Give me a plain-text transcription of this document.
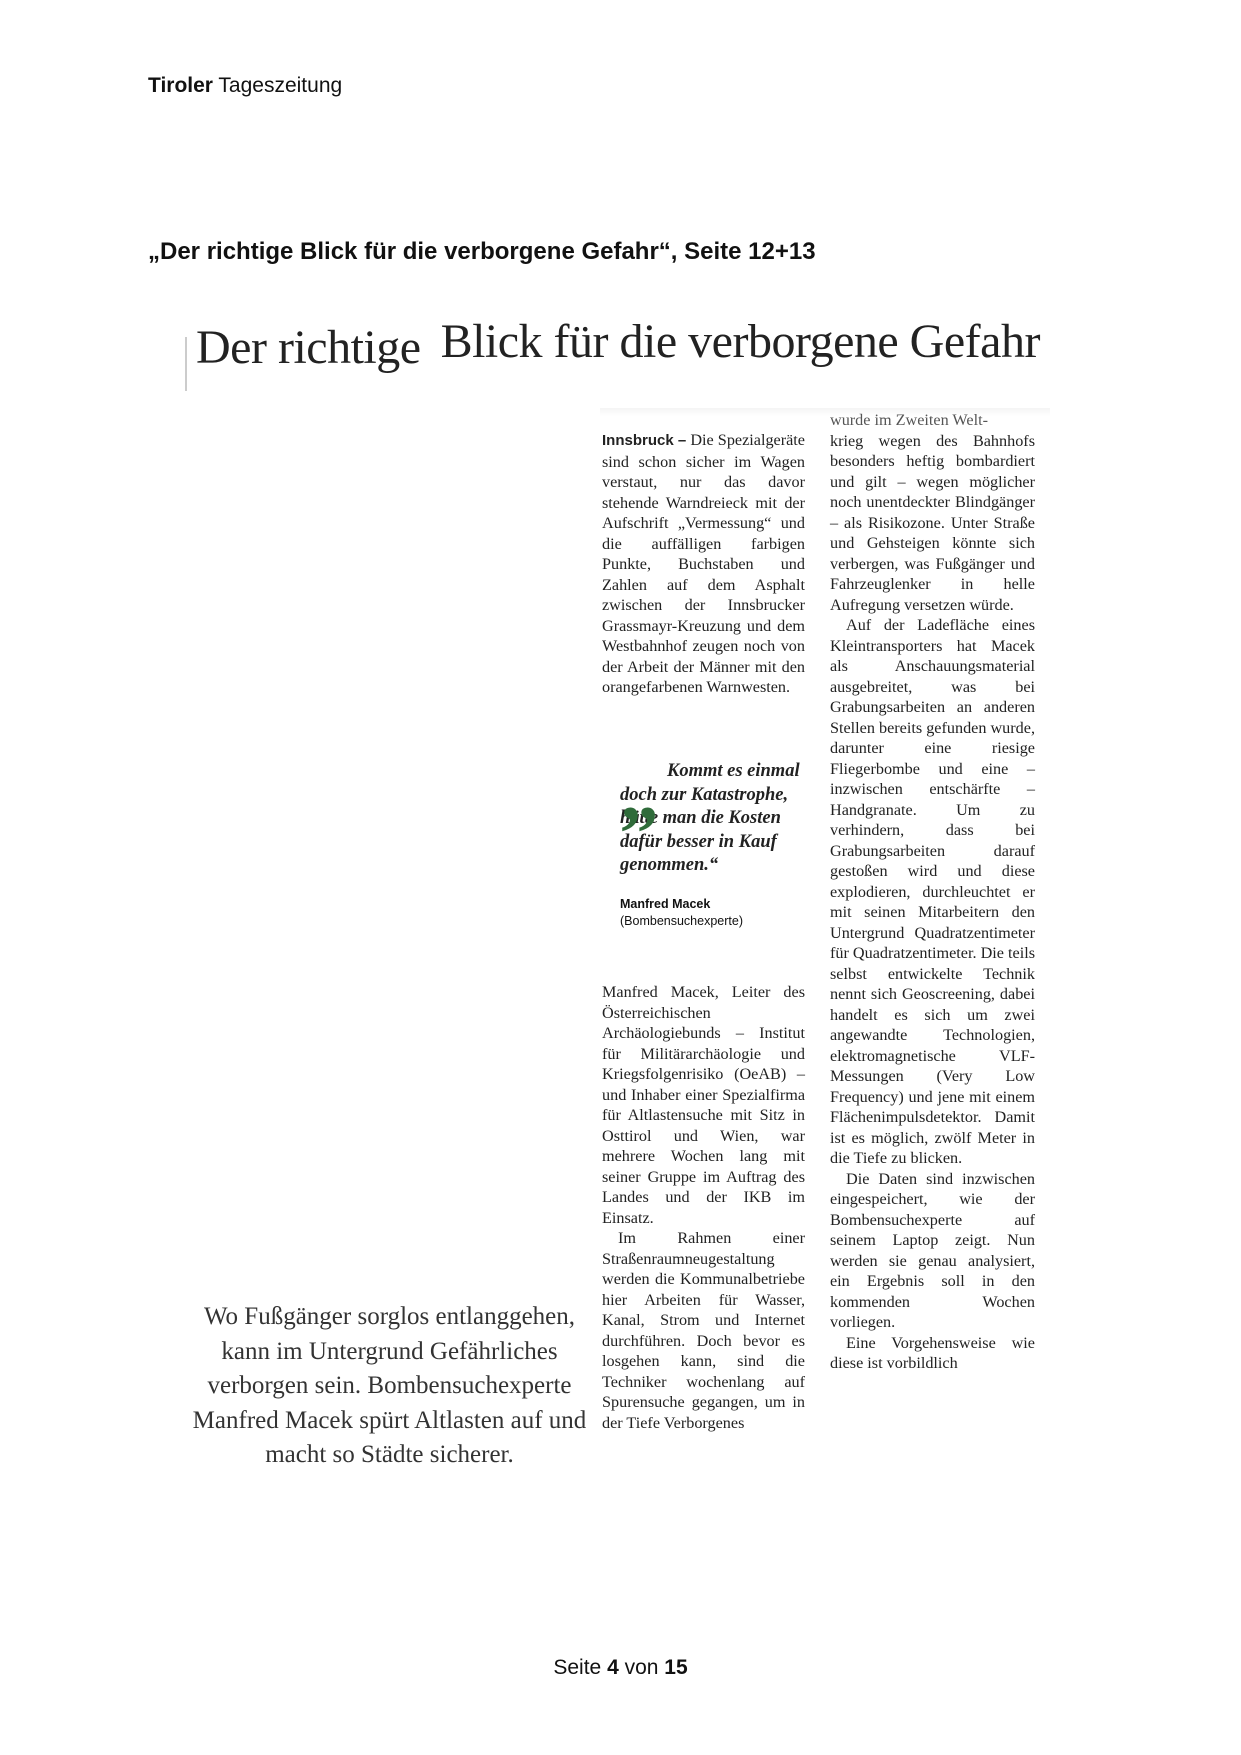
Tiroler Tageszeitung
„Der richtige Blick für die verborgene Gefahr“, Seite 12+13
Der richtige Blick für die verborgene Gefahr
Wo Fußgänger sorglos entlanggehen, kann im Untergrund Gefährliches verborgen sein. Bombensuchexperte Manfred Macek spürt Altlasten auf und macht so Städte sicherer.

Innsbruck – Die Spezialgeräte sind schon sicher im Wagen verstaut, nur das davor stehende Warndreieck mit der Aufschrift „Vermessung“ und die auffälligen farbigen Punkte, Buchstaben und Zahlen auf dem Asphalt zwischen der Innsbrucker Grassmayr-Kreuzung und dem Westbahnhof zeugen noch von der Arbeit der Männer mit den orangefarbenen Warnwesten.

„ Kommt es einmal doch zur Katastrophe, hätte man die Kosten dafür besser in Kauf genommen.“

Manfred Macek
(Bombensuchexperte)

Manfred Macek, Leiter des Österreichischen Archäologiebunds – Institut für Militärarchäologie und Kriegsfolgenrisiko (OeAB) – und Inhaber einer Spezialfirma für Altlastensuche mit Sitz in Osttirol und Wien, war mehrere Wochen lang mit seiner Gruppe im Auftrag des Landes und der IKB im Einsatz.

Im Rahmen einer Straßenraumneugestaltung werden die Kommunalbetriebe hier Arbeiten für Wasser, Kanal, Strom und Internet durchführen. Doch bevor es losgehen kann, sind die Techniker wochenlang auf Spurensuche gegangen, um in der Tiefe Verborgenes

wurde im Zweiten Welt-

krieg wegen des Bahnhofs besonders heftig bombardiert und gilt – wegen möglicher noch unentdeckter Blindgänger – als Risikozone. Unter Straße und Gehsteigen könnte sich verbergen, was Fußgänger und Fahrzeuglenker in helle Aufregung versetzen würde.

Auf der Ladefläche eines Kleintransporters hat Macek als Anschauungsmaterial ausgebreitet, was bei Grabungsarbeiten an anderen Stellen bereits gefunden wurde, darunter eine riesige Fliegerbombe und eine – inzwischen entschärfte – Handgranate. Um zu verhindern, dass bei Grabungsarbeiten darauf gestoßen wird und diese explodieren, durchleuchtet er mit seinen Mitarbeitern den Untergrund Quadratzentimeter für Quadratzentimeter. Die teils selbst entwickelte Technik nennt sich Geoscreening, dabei handelt es sich um zwei angewandte Technologien, elektromagnetische VLF-Messungen (Very Low Frequency) und jene mit einem Flächenimpulsdetektor. Damit ist es möglich, zwölf Meter in die Tiefe zu blicken.

Die Daten sind inzwischen eingespeichert, wie der Bombensuchexperte auf seinem Laptop zeigt. Nun werden sie genau analysiert, ein Ergebnis soll in den kommenden Wochen vorliegen.

Eine Vorgehensweise wie diese ist vorbildlich

Seite 4 von 15
